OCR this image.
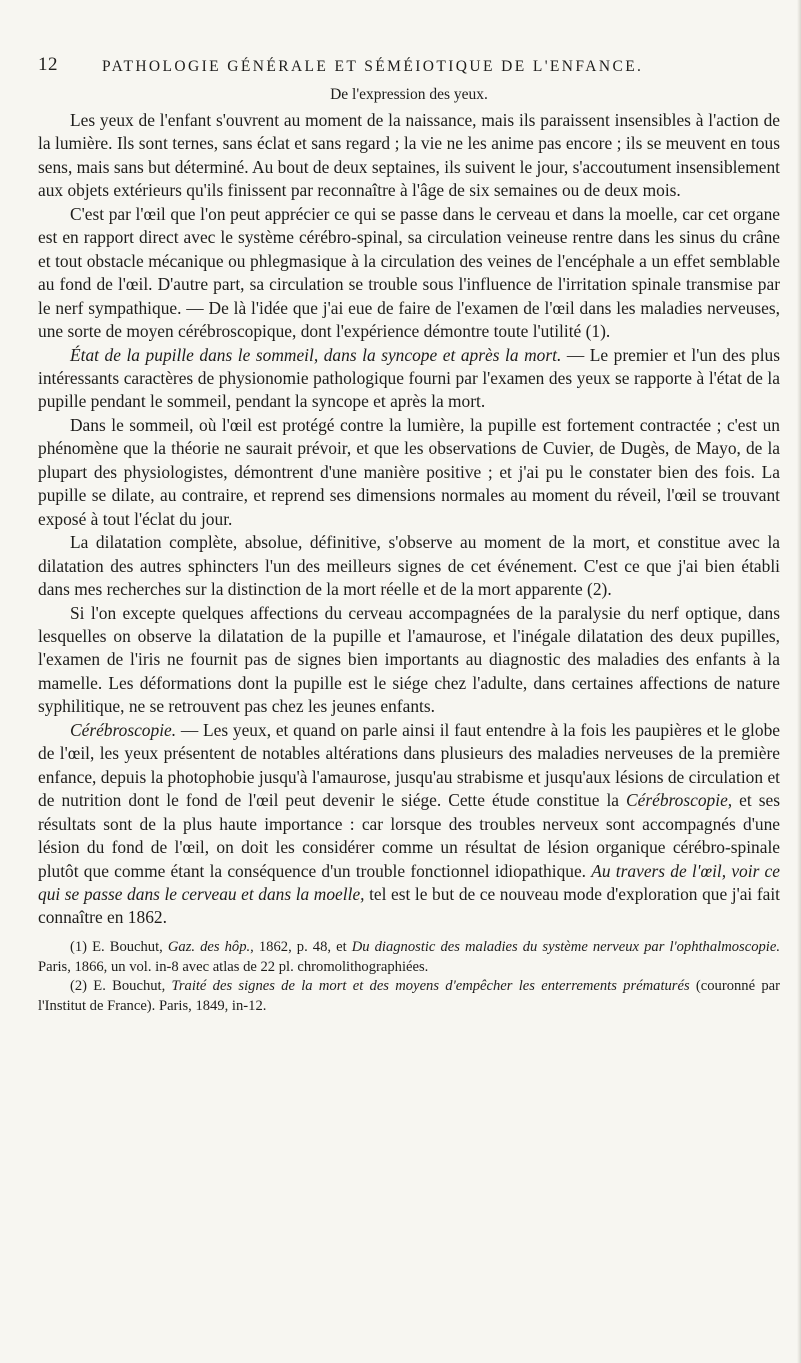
12	PATHOLOGIE GÉNÉRALE ET SÉMÉIOTIQUE DE L'ENFANCE.
De l'expression des yeux.

Les yeux de l'enfant s'ouvrent au moment de la naissance, mais ils paraissent insensibles à l'action de la lumière. Ils sont ternes, sans éclat et sans regard ; la vie ne les anime pas encore ; ils se meuvent en tous sens, mais sans but déterminé. Au bout de deux septaines, ils suivent le jour, s'accoutument insensiblement aux objets extérieurs qu'ils finissent par reconnaître à l'âge de six semaines ou de deux mois.

C'est par l'œil que l'on peut apprécier ce qui se passe dans le cerveau et dans la moelle, car cet organe est en rapport direct avec le système cérébro-spinal, sa circulation veineuse rentre dans les sinus du crâne et tout obstacle mécanique ou phlegmasique à la circulation des veines de l'encéphale a un effet semblable au fond de l'œil. D'autre part, sa circulation se trouble sous l'influence de l'irritation spinale transmise par le nerf sympathique. — De là l'idée que j'ai eue de faire de l'examen de l'œil dans les maladies nerveuses, une sorte de moyen cérébroscopique, dont l'expérience démontre toute l'utilité (1).

État de la pupille dans le sommeil, dans la syncope et après la mort. — Le premier et l'un des plus intéressants caractères de physionomie pathologique fourni par l'examen des yeux se rapporte à l'état de la pupille pendant le sommeil, pendant la syncope et après la mort.

Dans le sommeil, où l'œil est protégé contre la lumière, la pupille est fortement contractée ; c'est un phénomène que la théorie ne saurait prévoir, et que les observations de Cuvier, de Dugès, de Mayo, de la plupart des physiologistes, démontrent d'une manière positive ; et j'ai pu le constater bien des fois. La pupille se dilate, au contraire, et reprend ses dimensions normales au moment du réveil, l'œil se trouvant exposé à tout l'éclat du jour.

La dilatation complète, absolue, définitive, s'observe au moment de la mort, et constitue avec la dilatation des autres sphincters l'un des meilleurs signes de cet événement. C'est ce que j'ai bien établi dans mes recherches sur la distinction de la mort réelle et de la mort apparente (2).

Si l'on excepte quelques affections du cerveau accompagnées de la paralysie du nerf optique, dans lesquelles on observe la dilatation de la pupille et l'amaurose, et l'inégale dilatation des deux pupilles, l'examen de l'iris ne fournit pas de signes bien importants au diagnostic des maladies des enfants à la mamelle. Les déformations dont la pupille est le siége chez l'adulte, dans certaines affections de nature syphilitique, ne se retrouvent pas chez les jeunes enfants.

Cérébroscopie. — Les yeux, et quand on parle ainsi il faut entendre à la fois les paupières et le globe de l'œil, les yeux présentent de notables altérations dans plusieurs des maladies nerveuses de la première enfance, depuis la photophobie jusqu'à l'amaurose, jusqu'au strabisme et jusqu'aux lésions de circulation et de nutrition dont le fond de l'œil peut devenir le siége. Cette étude constitue la Cérébroscopie, et ses résultats sont de la plus haute importance : car lorsque des troubles nerveux sont accompagnés d'une lésion du fond de l'œil, on doit les considérer comme un résultat de lésion organique cérébro-spinale plutôt que comme étant la conséquence d'un trouble fonctionnel idiopathique. Au travers de l'œil, voir ce qui se passe dans le cerveau et dans la moelle, tel est le but de ce nouveau mode d'exploration que j'ai fait connaître en 1862.

(1) E. Bouchut, Gaz. des hôp., 1862, p. 48, et Du diagnostic des maladies du système nerveux par l'ophthalmoscopie. Paris, 1866, un vol. in-8 avec atlas de 22 pl. chromolithographiées.

(2) E. Bouchut, Traité des signes de la mort et des moyens d'empêcher les enterrements prématurés (couronné par l'Institut de France). Paris, 1849, in-12.
